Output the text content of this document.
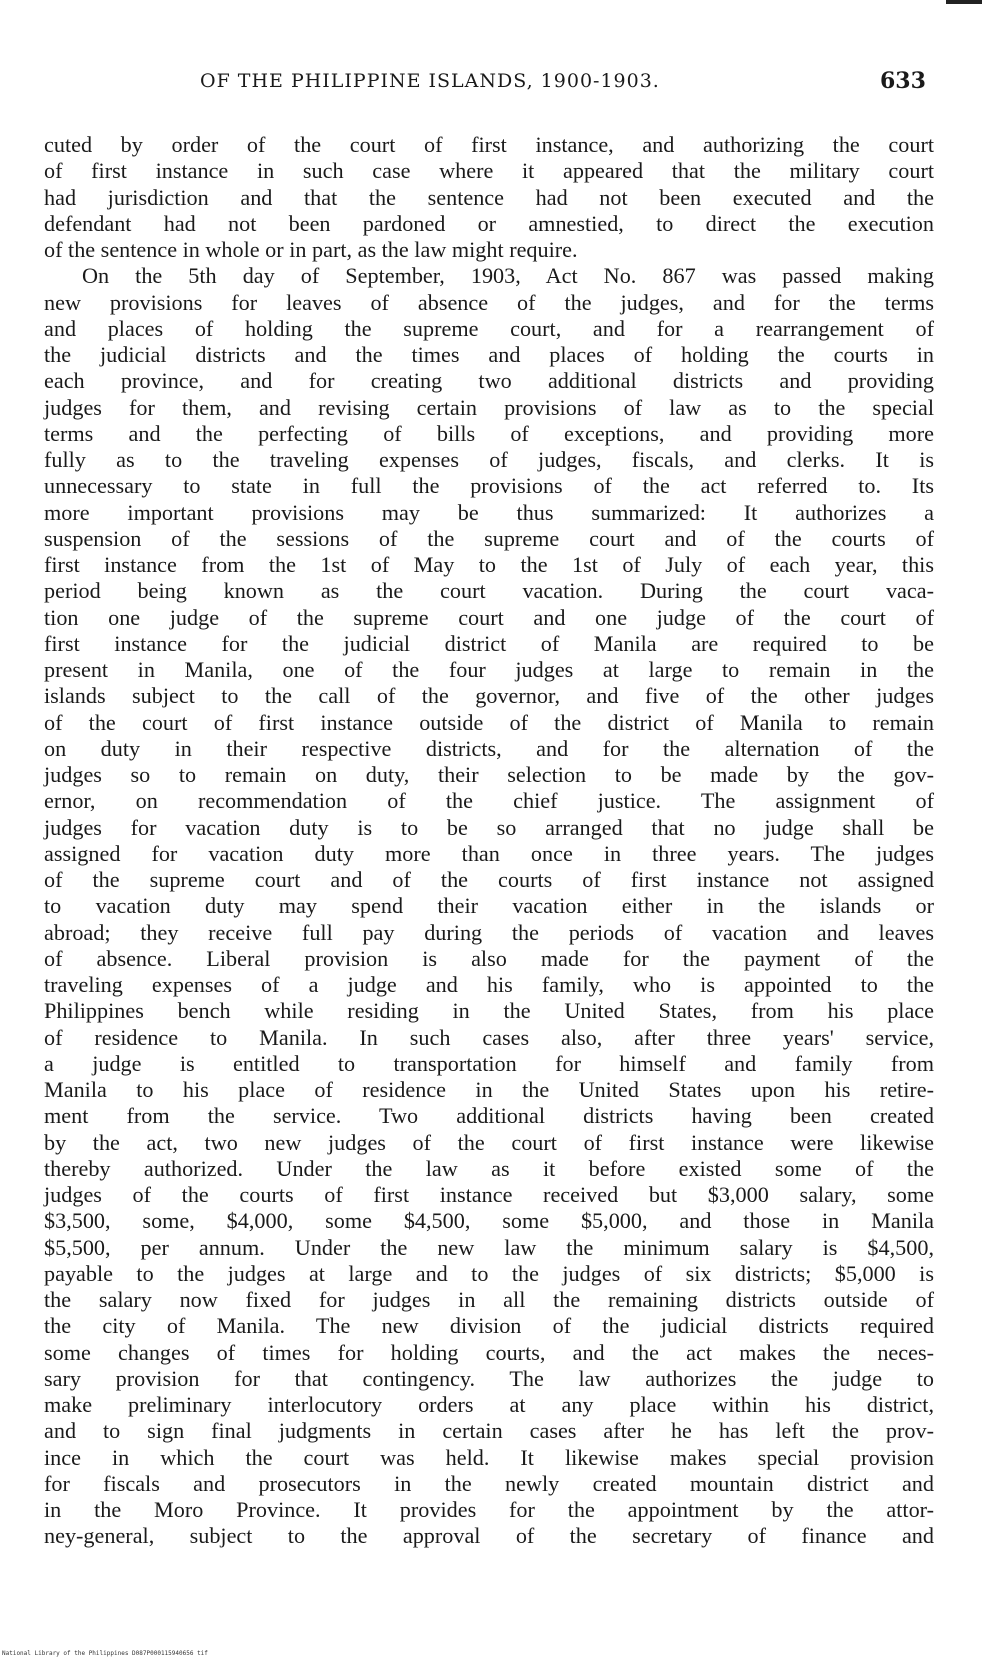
OF THE PHILIPPINE ISLANDS, 1900-1903.	633
cuted by order of the court of first instance, and authorizing the court
of first instance in such case where it appeared that the military court
had jurisdiction and that the sentence had not been executed and the
defendant had not been pardoned or amnestied, to direct the execution
of the sentence in whole or in part, as the law might require.
On the 5th day of September, 1903, Act No. 867 was passed making
new provisions for leaves of absence of the judges, and for the terms
and places of holding the supreme court, and for a rearrangement of
the judicial districts and the times and places of holding the courts in
each province, and for creating two additional districts and providing
judges for them, and revising certain provisions of law as to the special
terms and the perfecting of bills of exceptions, and providing more
fully as to the traveling expenses of judges, fiscals, and clerks. It is
unnecessary to state in full the provisions of the act referred to. Its
more important provisions may be thus summarized: It authorizes a
suspension of the sessions of the supreme court and of the courts of
first instance from the 1st of May to the 1st of July of each year, this
period being known as the court vacation. During the court vaca-
tion one judge of the supreme court and one judge of the court of
first instance for the judicial district of Manila are required to be
present in Manila, one of the four judges at large to remain in the
islands subject to the call of the governor, and five of the other judges
of the court of first instance outside of the district of Manila to remain
on duty in their respective districts, and for the alternation of the
judges so to remain on duty, their selection to be made by the gov-
ernor, on recommendation of the chief justice. The assignment of
judges for vacation duty is to be so arranged that no judge shall be
assigned for vacation duty more than once in three years. The judges
of the supreme court and of the courts of first instance not assigned
to vacation duty may spend their vacation either in the islands or
abroad; they receive full pay during the periods of vacation and leaves
of absence. Liberal provision is also made for the payment of the
traveling expenses of a judge and his family, who is appointed to the
Philippines bench while residing in the United States, from his place
of residence to Manila. In such cases also, after three years' service,
a judge is entitled to transportation for himself and family from
Manila to his place of residence in the United States upon his retire-
ment from the service. Two additional districts having been created
by the act, two new judges of the court of first instance were likewise
thereby authorized. Under the law as it before existed some of the
judges of the courts of first instance received but $3,000 salary, some
$3,500, some, $4,000, some $4,500, some $5,000, and those in Manila
$5,500, per annum. Under the new law the minimum salary is $4,500,
payable to the judges at large and to the judges of six districts; $5,000 is
the salary now fixed for judges in all the remaining districts outside of
the city of Manila. The new division of the judicial districts required
some changes of times for holding courts, and the act makes the neces-
sary provision for that contingency. The law authorizes the judge to
make preliminary interlocutory orders at any place within his district,
and to sign final judgments in certain cases after he has left the prov-
ince in which the court was held. It likewise makes special provision
for fiscals and prosecutors in the newly created mountain district and
in the Moro Province. It provides for the appointment by the attor-
ney-general, subject to the approval of the secretary of finance and
National Library of the Philippines D087P000115940656 tif
